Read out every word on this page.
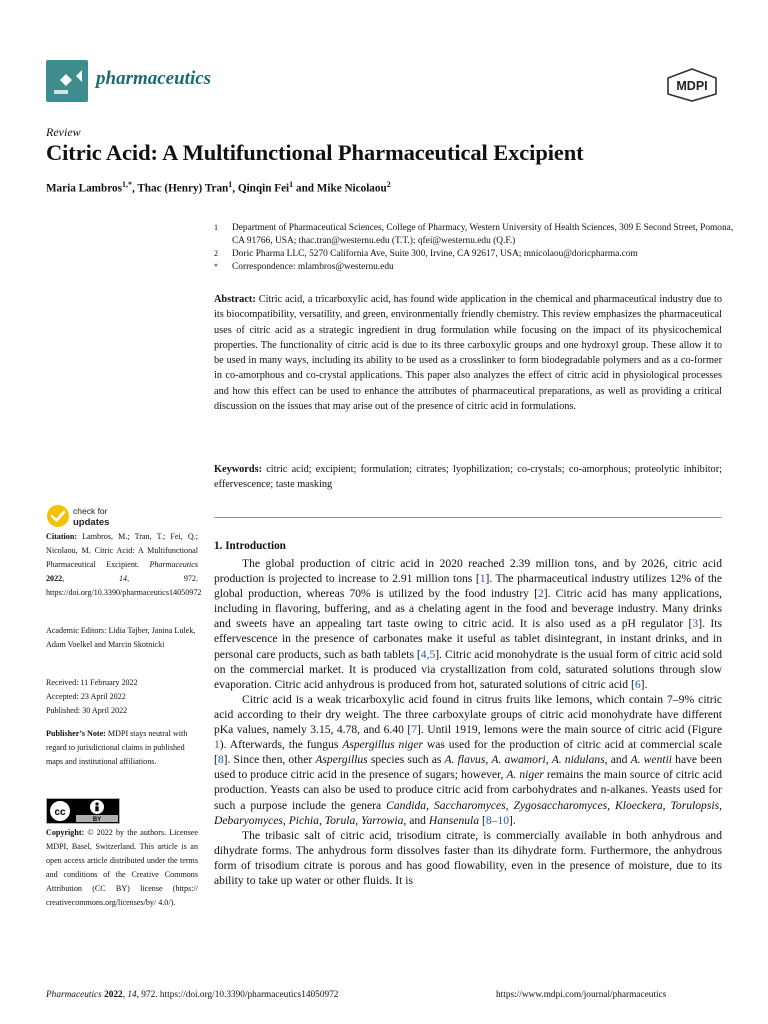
pharmaceutics	MDPI
Review
Citric Acid: A Multifunctional Pharmaceutical Excipient
Maria Lambros$^{1,*}$, Thac (Henry) Tran$^1$, Qinqin Fei$^1$ and Mike Nicolaou$^2$
1 Department of Pharmaceutical Sciences, College of Pharmacy, Western University of Health Sciences, 309 E Second Street, Pomona, CA 91766, USA; thac.tran@westernu.edu (T.T.); qfei@westernu.edu (Q.F.)
2 Doric Pharma LLC, 5270 California Ave, Suite 300, Irvine, CA 92617, USA; mnicolaou@doricpharma.com
* Correspondence: mlambros@westernu.edu
Abstract: Citric acid, a tricarboxylic acid, has found wide application in the chemical and pharmaceutical industry due to its biocompatibility, versatility, and green, environmentally friendly chemistry. This review emphasizes the pharmaceutical uses of citric acid as a strategic ingredient in drug formulation while focusing on the impact of its physicochemical properties. The functionality of citric acid is due to its three carboxylic groups and one hydroxyl group. These allow it to be used in many ways, including its ability to be used as a crosslinker to form biodegradable polymers and as a co-former in co-amorphous and co-crystal applications. This paper also analyzes the effect of citric acid in physiological processes and how this effect can be used to enhance the attributes of pharmaceutical preparations, as well as providing a critical discussion on the issues that may arise out of the presence of citric acid in formulations.
Keywords: citric acid; excipient; formulation; citrates; lyophilization; co-crystals; co-amorphous; proteolytic inhibitor; effervescence; taste masking
check for
updates
Citation: Lambros, M.; Tran, T.; Fei, Q.; Nicolaou, M. Citric Acid: A Multifunctional Pharmaceutical Excipient. Pharmaceutics 2022, 14, 972. https://doi.org/10.3390/pharmaceutics14050972
Academic Editors: Lidia Tajber, Janina Lulek, Adam Voelkel and Marcin Skotnicki
Received: 11 February 2022
Accepted: 23 April 2022
Published: 30 April 2022
Publisher’s Note: MDPI stays neutral with regard to jurisdictional claims in published maps and institutional affiliations.
cc
BY
Copyright: © 2022 by the authors. Licensee MDPI, Basel, Switzerland. This article is an open access article distributed under the terms and conditions of the Creative Commons Attribution (CC BY) license (https:// creativecommons.org/licenses/by/ 4.0/).
1. Introduction

The global production of citric acid in 2020 reached 2.39 million tons, and by 2026, citric acid production is projected to increase to 2.91 million tons [1]. The pharmaceutical industry utilizes 12% of the global production, whereas 70% is utilized by the food industry [2]. Citric acid has many applications, including in flavoring, buffering, and as a chelating agent in the food and beverage industry. Many drinks and sweets have an appealing tart taste owing to citric acid. It is also used as a pH regulator [3]. Its effervescence in the presence of carbonates make it useful as tablet disintegrant, in instant drinks, and in personal care products, such as bath tablets [4,5]. Citric acid monohydrate is the usual form of citric acid sold on the commercial market. It is produced via crystallization from cold, saturated solutions through slow evaporation. Citric acid anhydrous is produced from hot, saturated solutions of citric acid [6].

Citric acid is a weak tricarboxylic acid found in citrus fruits like lemons, which contain 7–9% citric acid according to their dry weight. The three carboxylate groups of citric acid monohydrate have different pKa values, namely 3.15, 4.78, and 6.40 [7]. Until 1919, lemons were the main source of citric acid (Figure 1). Afterwards, the fungus Aspergillus niger was used for the production of citric acid at commercial scale [8]. Since then, other Aspergillus species such as A. flavus, A. awamori, A. nidulans, and A. wentii have been used to produce citric acid in the presence of sugars; however, A. niger remains the main source of citric acid production. Yeasts can also be used to produce citric acid from carbohydrates and n-alkanes. Yeasts used for such a purpose include the genera Candida, Saccharomyces, Zygosaccharomyces, Kloeckera, Torulopsis, Debaryomyces, Pichia, Torula, Yarrowia, and Hansenula [8–10].

The tribasic salt of citric acid, trisodium citrate, is commercially available in both anhydrous and dihydrate forms. The anhydrous form dissolves faster than its dihydrate form. Furthermore, the anhydrous form of trisodium citrate is porous and has good flowability, even in the presence of moisture, due to its ability to take up water or other fluids. It is

Pharmaceutics 2022, 14, 972. https://doi.org/10.3390/pharmaceutics14050972	https://www.mdpi.com/journal/pharmaceutics
